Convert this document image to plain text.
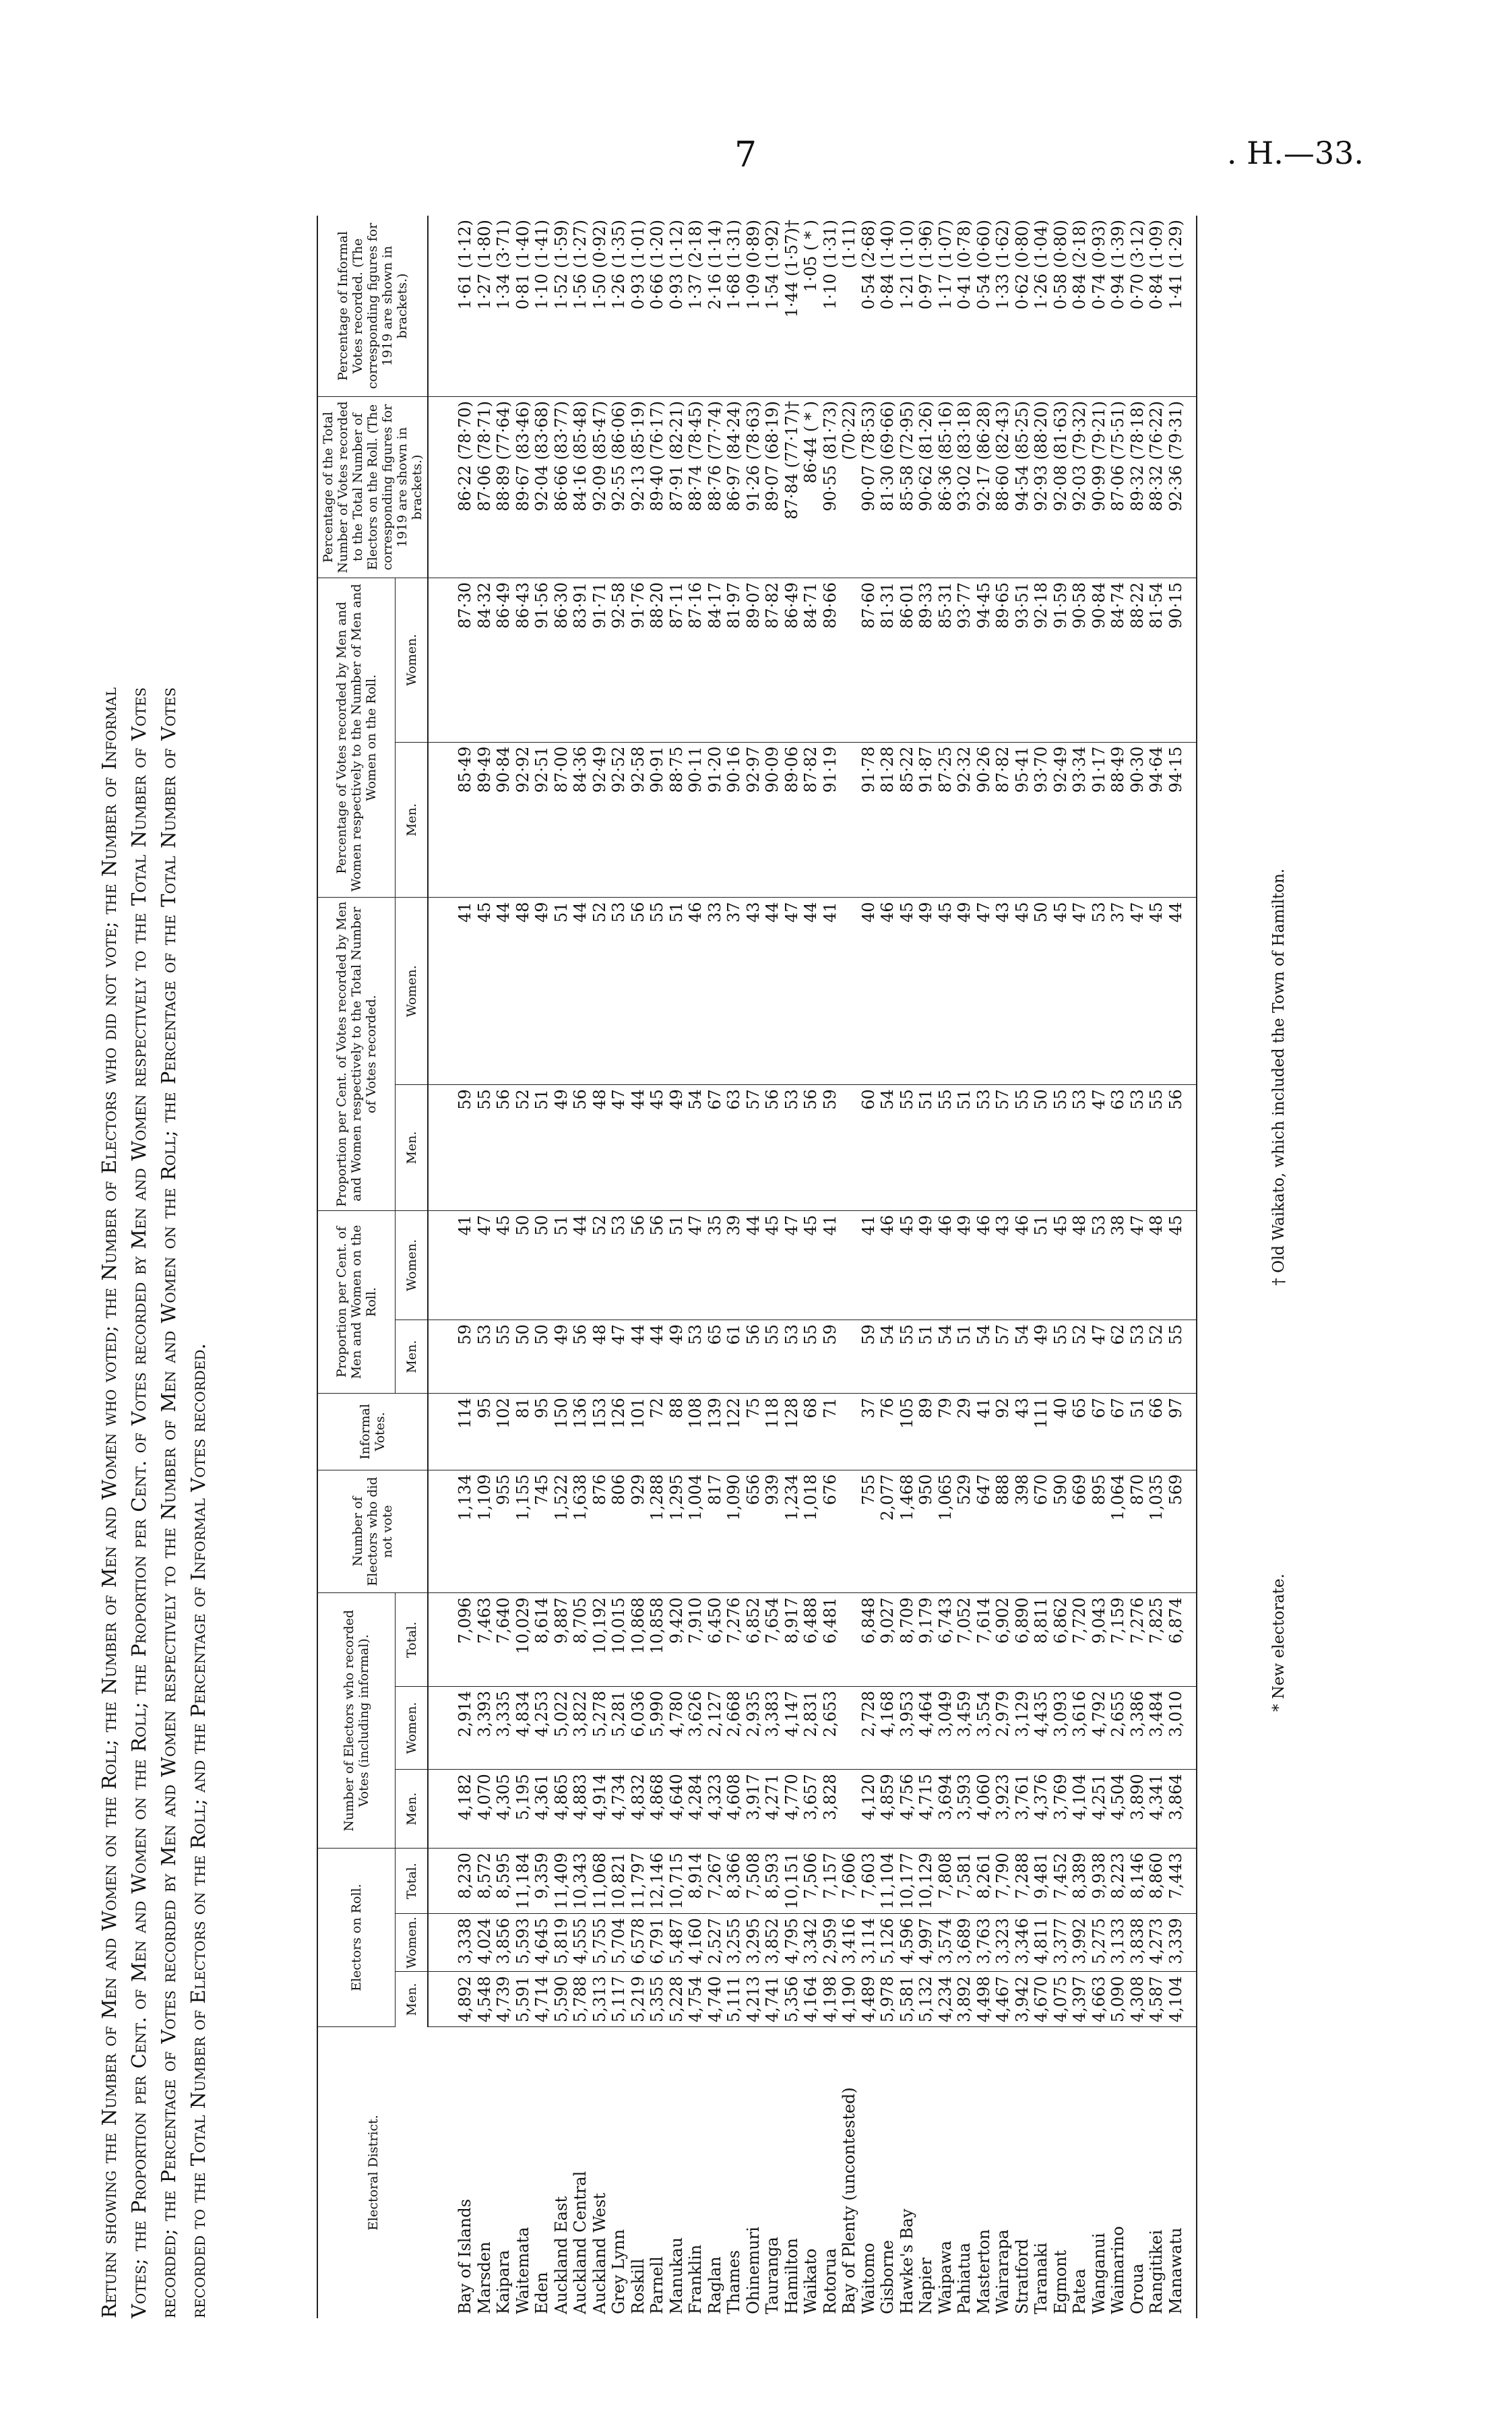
7	. H.—33.
Return showing the Number of Men and Women on the Roll; the Number of Men and Women who voted; the Number of Electors who did not vote; the Number of Informal Votes; the Proportion per Cent. of Men and Women on the Roll; the Proportion per Cent. of Votes recorded by Men and Women respectively to the Total Number of Votes recorded; the Percentage of Votes recorded by Men and Women respectively to the Number of Men and Women on the Roll; the Percentage of the Total Number of Votes recorded to the Total Number of Electors on the Roll; and the Percentage of Informal Votes recorded.	Electoral District.	Electors on Roll.			Number of Electors who recorded Votes (including informal).			Number of Electors who did not vote	Informal Votes.	Proportion per Cent. of Men and Women on the Roll.		Proportion per Cent. of Votes recorded by Men and Women respectively to the Total Number of Votes recorded.		Percentage of Votes recorded by Men and Women respectively to the Number of Men and Women on the Roll.		Percentage of the Total Number of Votes recorded to the Total Number of Electors on the Roll. (The corresponding figures for 1919 are shown in brackets.)	Percentage of Informal Votes recorded. (The corresponding figures for 1919 are shown in brackets.)
	Men.	Women.	Total.	Men.	Women.	Total.			Men.	Women.	Men.	Women.	Men.	Women.		
Bay of Islands	4,892	3,338	8,230	4,182	2,914	7,096	1,134	114	59	41	59	41	85·49	87·30	86·22 (78·70)	1·61 (1·12)
Marsden	4,548	4,024	8,572	4,070	3,393	7,463	1,109	95	53	47	55	45	89·49	84·32	87·06 (78·71)	1·27 (1·80)
Kaipara	4,739	3,856	8,595	4,305	3,335	7,640	955	102	55	45	56	44	90·84	86·49	88·89 (77·64)	1·34 (3·71)
Waitemata	5,591	5,593	11,184	5,195	4,834	10,029	1,155	81	50	50	52	48	92·92	86·43	89·67 (83·46)	0·81 (1·40)
Eden	4,714	4,645	9,359	4,361	4,253	8,614	745	95	50	50	51	49	92·51	91·56	92·04 (83·68)	1·10 (1·41)
Auckland East	5,590	5,819	11,409	4,865	5,022	9,887	1,522	150	49	51	49	51	87·00	86·30	86·66 (83·77)	1·52 (1·59)
Auckland Central	5,788	4,555	10,343	4,883	3,822	8,705	1,638	136	56	44	56	44	84·36	83·91	84·16 (85·48)	1·56 (1·27)
Auckland West	5,313	5,755	11,068	4,914	5,278	10,192	876	153	48	52	48	52	92·49	91·71	92·09 (85·47)	1·50 (0·92)
Grey Lynn	5,117	5,704	10,821	4,734	5,281	10,015	806	126	47	53	47	53	92·52	92·58	92·55 (86·06)	1·26 (1·35)
Roskill	5,219	6,578	11,797	4,832	6,036	10,868	929	101	44	56	44	56	92·58	91·76	92·13 (85·19)	0·93 (1·01)
Parnell	5,355	6,791	12,146	4,868	5,990	10,858	1,288	72	44	56	45	55	90·91	88·20	89·40 (76·17)	0·66 (1·20)
Manukau	5,228	5,487	10,715	4,640	4,780	9,420	1,295	88	49	51	49	51	88·75	87·11	87·91 (82·21)	0·93 (1·12)
Franklin	4,754	4,160	8,914	4,284	3,626	7,910	1,004	108	53	47	54	46	90·11	87·16	88·74 (78·45)	1·37 (2·18)
Raglan	4,740	2,527	7,267	4,323	2,127	6,450	817	139	65	35	67	33	91·20	84·17	88·76 (77·74)	2·16 (1·14)
Thames	5,111	3,255	8,366	4,608	2,668	7,276	1,090	122	61	39	63	37	90·16	81·97	86·97 (84·24)	1·68 (1·31)
Ohinemuri	4,213	3,295	7,508	3,917	2,935	6,852	656	75	56	44	57	43	92·97	89·07	91·26 (78·63)	1·09 (0·89)
Tauranga	4,741	3,852	8,593	4,271	3,383	7,654	939	118	55	45	56	44	90·09	87·82	89·07 (68·19)	1·54 (1·92)
Hamilton	5,356	4,795	10,151	4,770	4,147	8,917	1,234	128	53	47	53	47	89·06	86·49	87·84 (77·17)†	1·44 (1·57)†
Waikato	4,164	3,342	7,506	3,657	2,831	6,488	1,018	68	55	45	56	44	87·82	84·71	86·44 ( * )	1·05 ( * )
Rotorua	4,198	2,959	7,157	3,828	2,653	6,481	676	71	59	41	59	41	91·19	89·66	90·55 (81·73)	1·10 (1·31)
Bay of Plenty (uncontested)	4,190	3,416	7,606												(70·22)	(1·11)
Waitomo	4,489	3,114	7,603	4,120	2,728	6,848	755	37	59	41	60	40	91·78	87·60	90·07 (78·53)	0·54 (2·68)
Gisborne	5,978	5,126	11,104	4,859	4,168	9,027	2,077	76	54	46	54	46	81·28	81·31	81·30 (69·66)	0·84 (1·40)
Hawke's Bay	5,581	4,596	10,177	4,756	3,953	8,709	1,468	105	55	45	55	45	85·22	86·01	85·58 (72·95)	1·21 (1·10)
Napier	5,132	4,997	10,129	4,715	4,464	9,179	950	89	51	49	51	49	91·87	89·33	90·62 (81·26)	0·97 (1·96)
Waipawa	4,234	3,574	7,808	3,694	3,049	6,743	1,065	79	54	46	55	45	87·25	85·31	86·36 (85·16)	1·17 (1·07)
Pahiatua	3,892	3,689	7,581	3,593	3,459	7,052	529	29	51	49	51	49	92·32	93·77	93·02 (83·18)	0·41 (0·78)
Masterton	4,498	3,763	8,261	4,060	3,554	7,614	647	41	54	46	53	47	90·26	94·45	92·17 (86·28)	0·54 (0·60)
Wairarapa	4,467	3,323	7,790	3,923	2,979	6,902	888	92	57	43	57	43	87·82	89·65	88·60 (82·43)	1·33 (1·62)
Stratford	3,942	3,346	7,288	3,761	3,129	6,890	398	43	54	46	55	45	95·41	93·51	94·54 (85·25)	0·62 (0·80)
Taranaki	4,670	4,811	9,481	4,376	4,435	8,811	670	111	49	51	50	50	93·70	92·18	92·93 (88·20)	1·26 (1·04)
Egmont	4,075	3,377	7,452	3,769	3,093	6,862	590	40	55	45	55	45	92·49	91·59	92·08 (81·63)	0·58 (0·80)
Patea	4,397	3,992	8,389	4,104	3,616	7,720	669	65	52	48	53	47	93·34	90·58	92·03 (79·32)	0·84 (2·18)
Wanganui	4,663	5,275	9,938	4,251	4,792	9,043	895	67	47	53	47	53	91·17	90·84	90·99 (79·21)	0·74 (0·93)
Waimarino	5,090	3,133	8,223	4,504	2,655	7,159	1,064	67	62	38	63	37	88·49	84·74	87·06 (75·51)	0·94 (1·39)
Oroua	4,308	3,838	8,146	3,890	3,386	7,276	870	51	53	47	53	47	90·30	88·22	89·32 (78·18)	0·70 (3·12)
Rangitikei	4,587	4,273	8,860	4,341	3,484	7,825	1,035	66	52	48	55	45	94·64	81·54	88·32 (76·22)	0·84 (1·09)
Manawatu	4,104	3,339	7,443	3,864	3,010	6,874	569	97	55	45	56	44	94·15	90·15	92·36 (79·31)	1·41 (1·29)
* New electorate. † Old Waikato, which included the Town of Hamilton.
